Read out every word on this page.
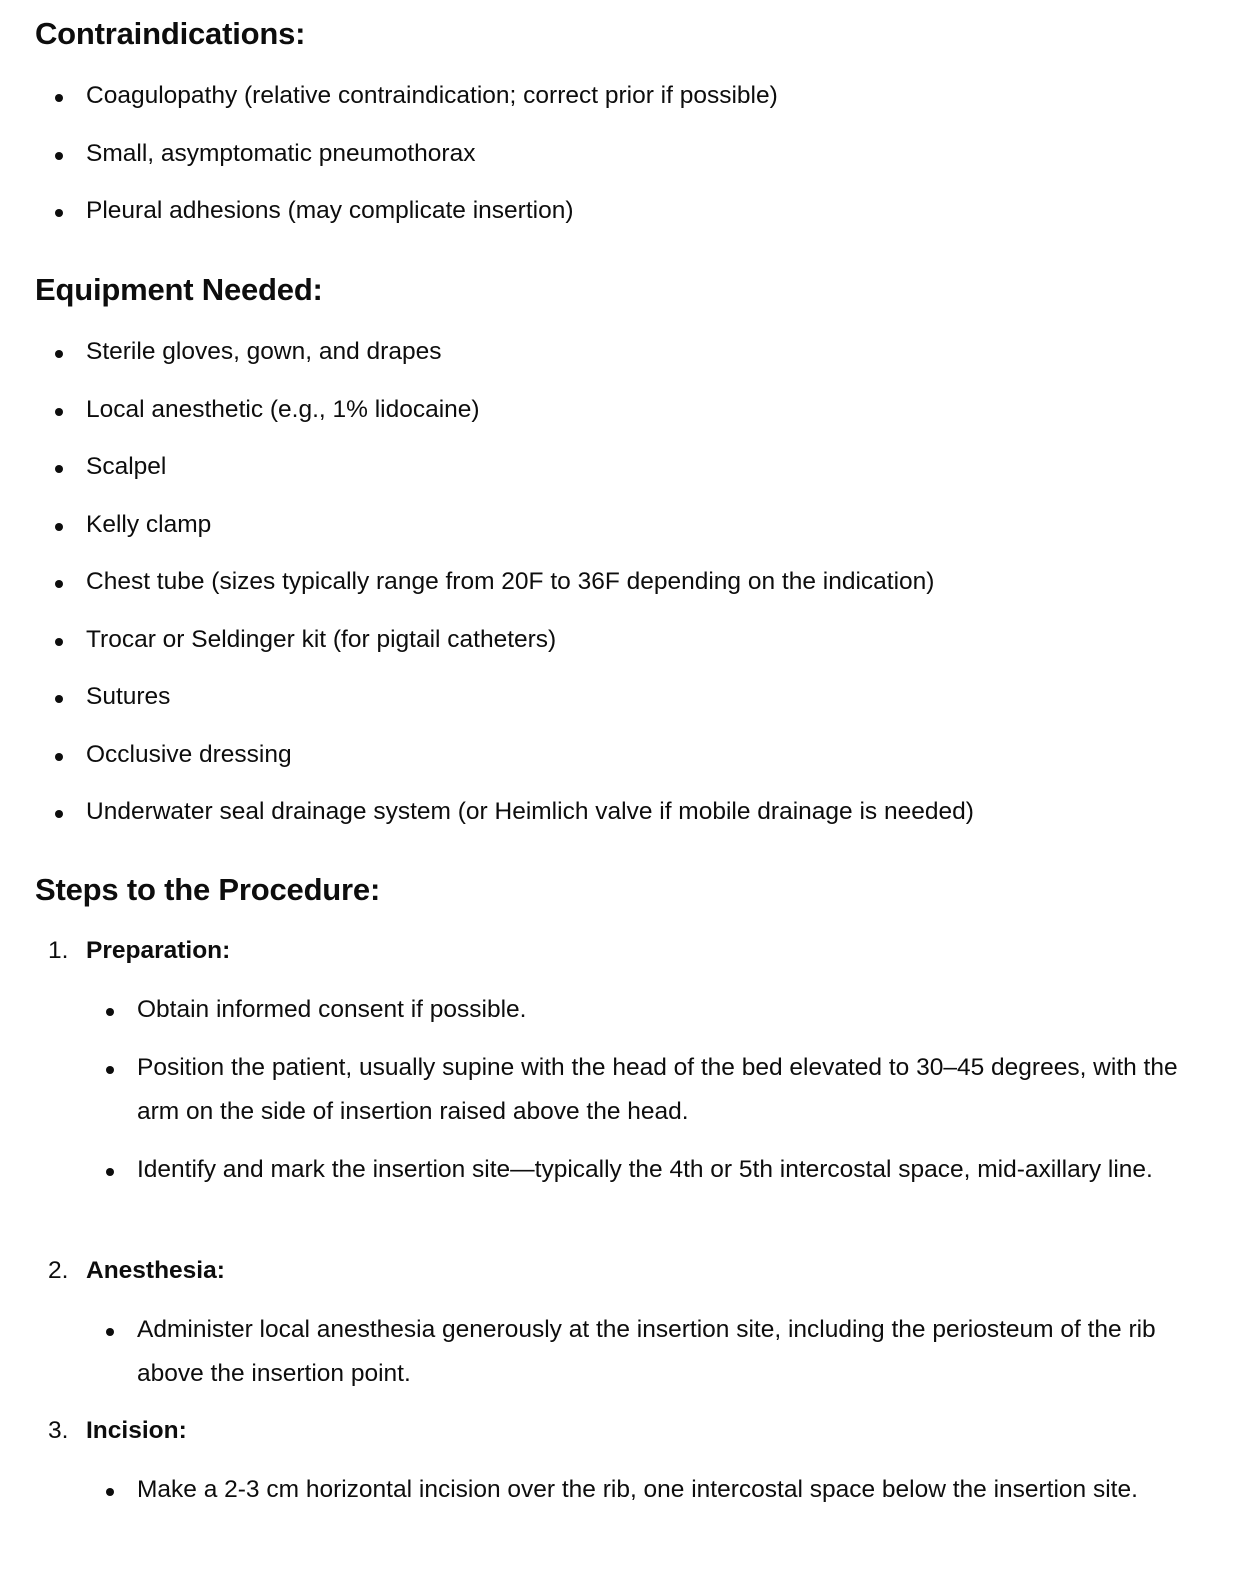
Contraindications:
Coagulopathy (relative contraindication; correct prior if possible)
Small, asymptomatic pneumothorax
Pleural adhesions (may complicate insertion)
Equipment Needed:
Sterile gloves, gown, and drapes
Local anesthetic (e.g., 1% lidocaine)
Scalpel
Kelly clamp
Chest tube (sizes typically range from 20F to 36F depending on the indication)
Trocar or Seldinger kit (for pigtail catheters)
Sutures
Occlusive dressing
Underwater seal drainage system (or Heimlich valve if mobile drainage is needed)
Steps to the Procedure:
1. Preparation:
Obtain informed consent if possible.
Position the patient, usually supine with the head of the bed elevated to 30–45 degrees, with the arm on the side of insertion raised above the head.
Identify and mark the insertion site—typically the 4th or 5th intercostal space, mid-axillary line.
2. Anesthesia:
Administer local anesthesia generously at the insertion site, including the periosteum of the rib above the insertion point.
3. Incision:
Make a 2-3 cm horizontal incision over the rib, one intercostal space below the insertion site.
